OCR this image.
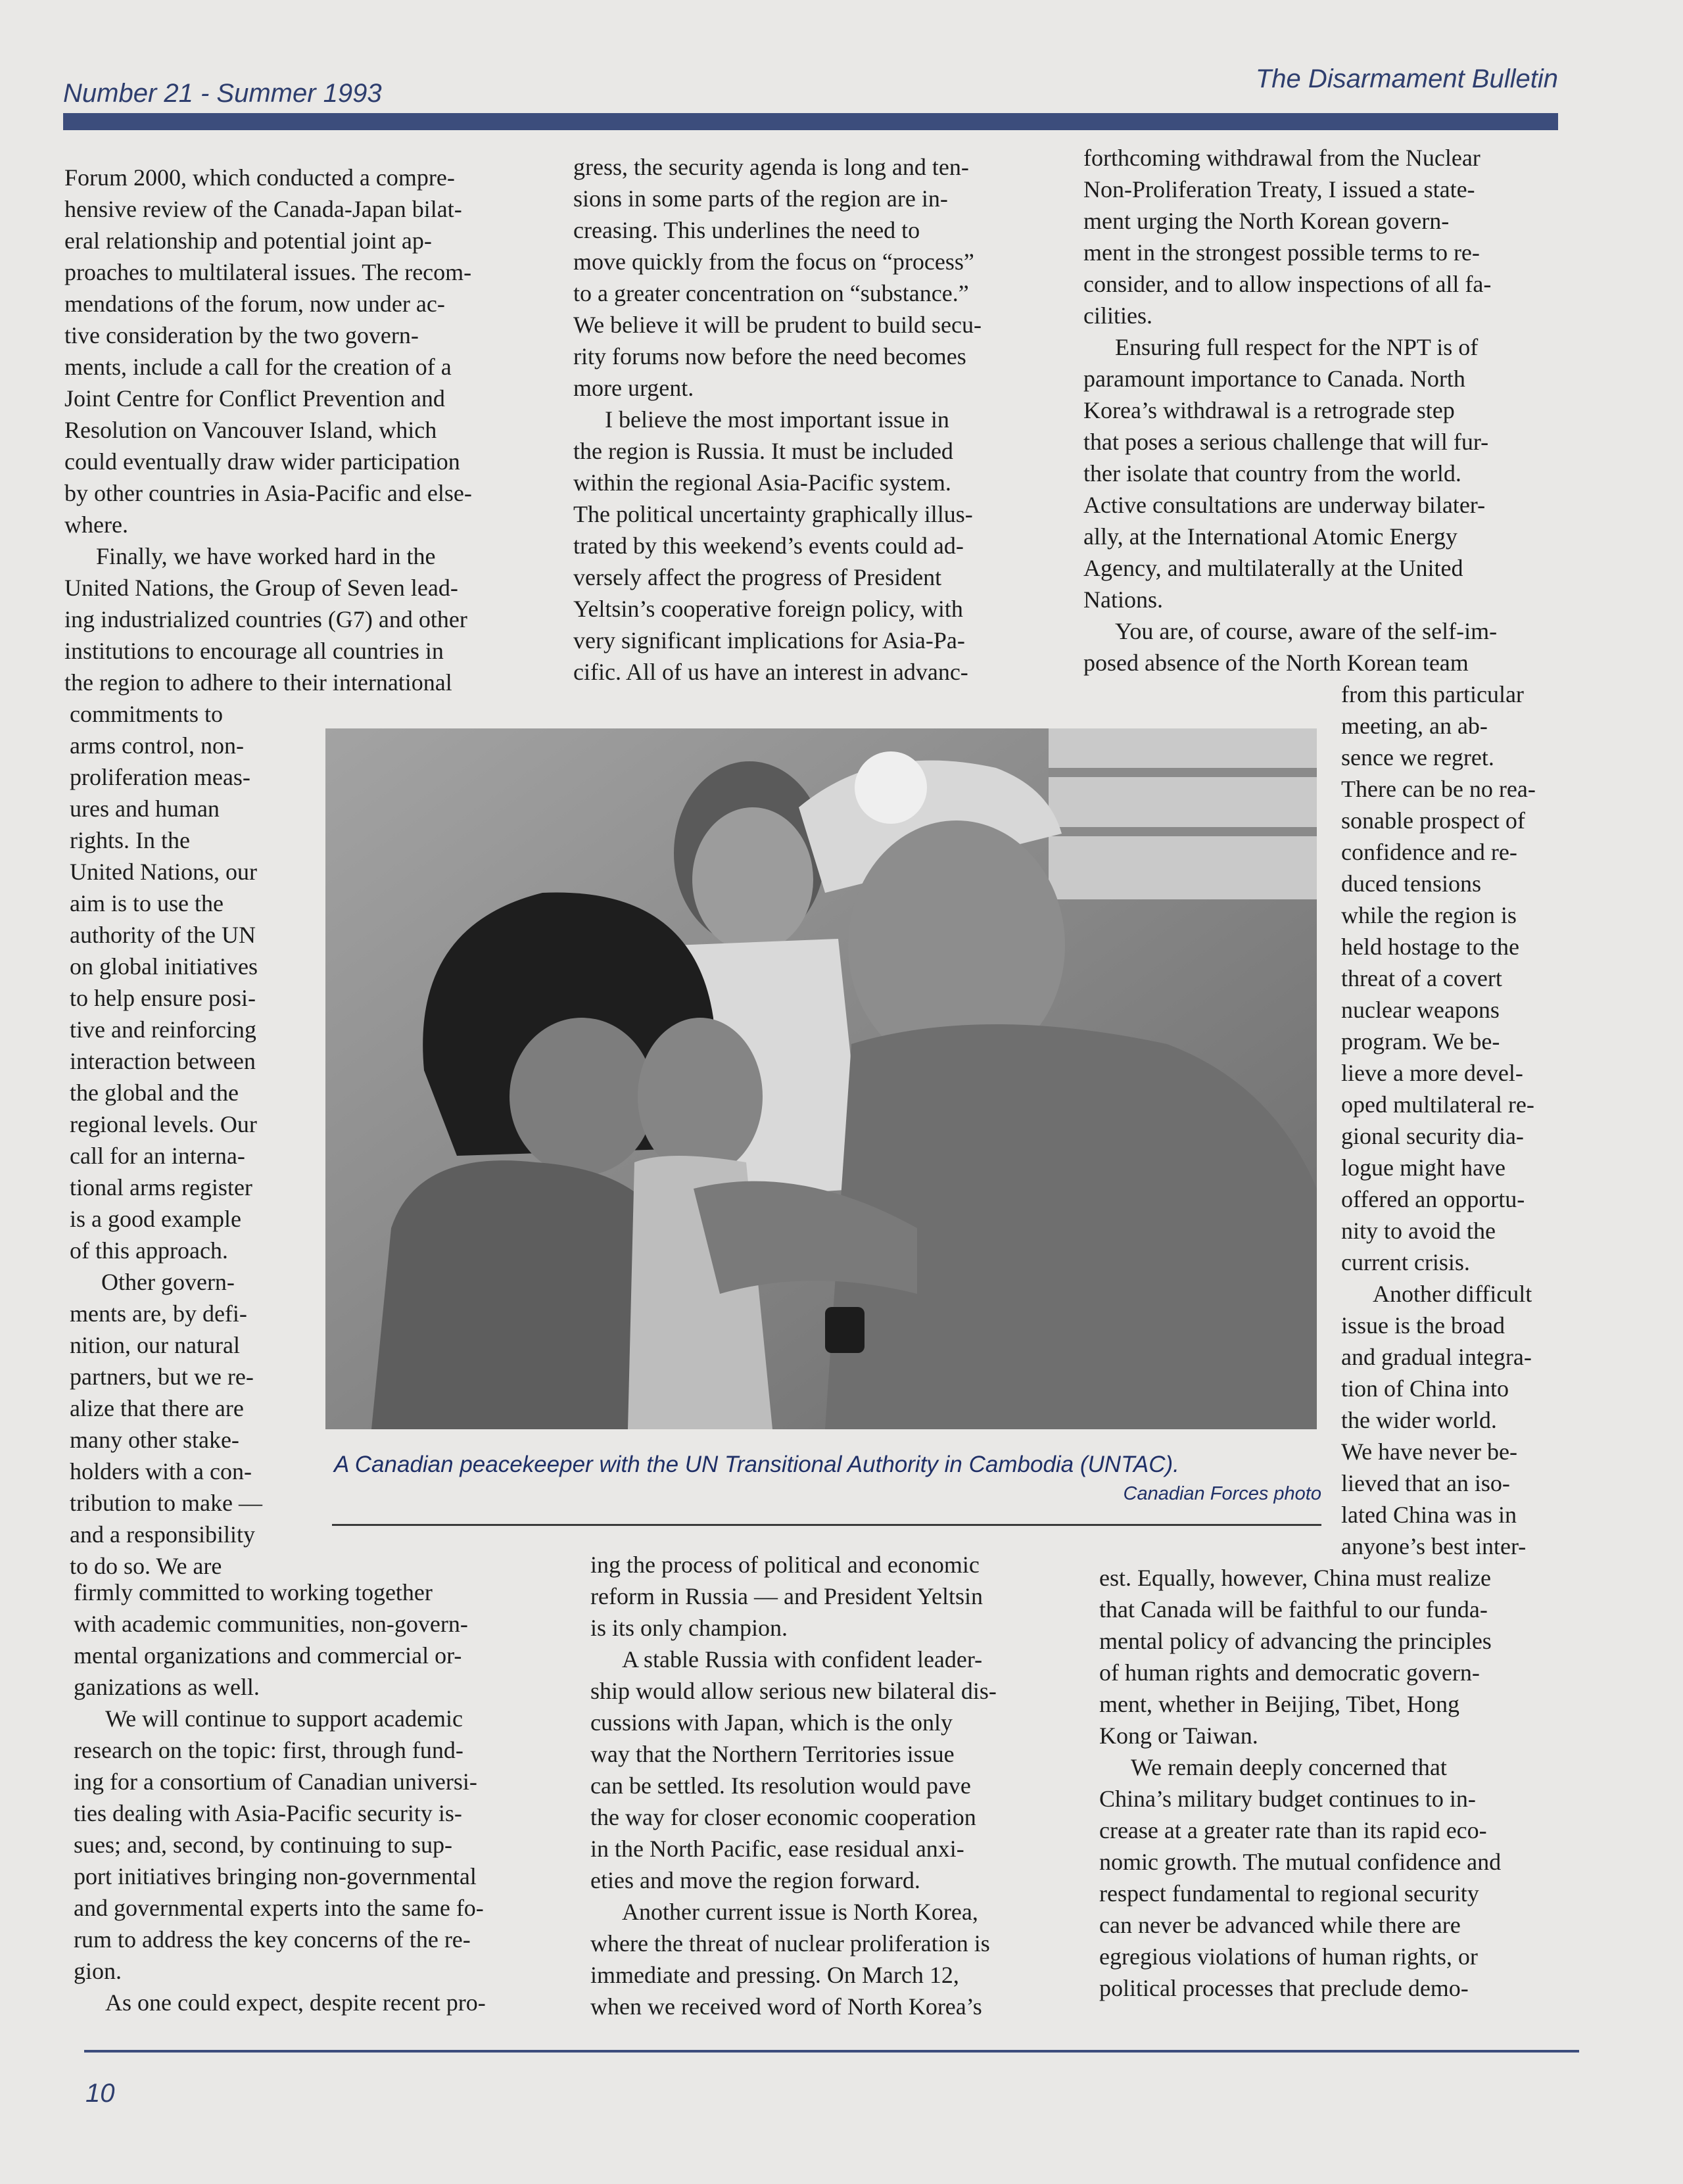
Number 21 - Summer 1993	The Disarmament Bulletin
Forum 2000, which conducted a compre-
hensive review of the Canada-Japan bilat-
eral relationship and potential joint ap-
proaches to multilateral issues. The recom-
mendations of the forum, now under ac-
tive consideration by the two govern-
ments, include a call for the creation of a
Joint Centre for Conflict Prevention and
Resolution on Vancouver Island, which
could eventually draw wider participation
by other countries in Asia-Pacific and else-
where.
Finally, we have worked hard in the
United Nations, the Group of Seven lead-
ing industrialized countries (G7) and other
institutions to encourage all countries in
the region to adhere to their international
commitments to
arms control, non-
proliferation meas-
ures and human
rights. In the
United Nations, our
aim is to use the
authority of the UN
on global initiatives
to help ensure posi-
tive and reinforcing
interaction between
the global and the
regional levels. Our
call for an interna-
tional arms register
is a good example
of this approach.
Other govern-
ments are, by defi-
nition, our natural
partners, but we re-
alize that there are
many other stake-
holders with a con-
tribution to make —
and a responsibility
to do so. We are
firmly committed to working together
with academic communities, non-govern-
mental organizations and commercial or-
ganizations as well.
We will continue to support academic
research on the topic: first, through fund-
ing for a consortium of Canadian universi-
ties dealing with Asia-Pacific security is-
sues; and, second, by continuing to sup-
port initiatives bringing non-governmental
and governmental experts into the same fo-
rum to address the key concerns of the re-
gion.
As one could expect, despite recent pro-
gress, the security agenda is long and ten-
sions in some parts of the region are in-
creasing. This underlines the need to
move quickly from the focus on “process”
to a greater concentration on “substance.”
We believe it will be prudent to build secu-
rity forums now before the need becomes
more urgent.
I believe the most important issue in
the region is Russia. It must be included
within the regional Asia-Pacific system.
The political uncertainty graphically illus-
trated by this weekend’s events could ad-
versely affect the progress of President
Yeltsin’s cooperative foreign policy, with
very significant implications for Asia-Pa-
cific. All of us have an interest in advanc-
ing the process of political and economic
reform in Russia — and President Yeltsin
is its only champion.
A stable Russia with confident leader-
ship would allow serious new bilateral dis-
cussions with Japan, which is the only
way that the Northern Territories issue
can be settled. Its resolution would pave
the way for closer economic cooperation
in the North Pacific, ease residual anxi-
eties and move the region forward.
Another current issue is North Korea,
where the threat of nuclear proliferation is
immediate and pressing. On March 12,
when we received word of North Korea’s
forthcoming withdrawal from the Nuclear
Non-Proliferation Treaty, I issued a state-
ment urging the North Korean govern-
ment in the strongest possible terms to re-
consider, and to allow inspections of all fa-
cilities.
Ensuring full respect for the NPT is of
paramount importance to Canada. North
Korea’s withdrawal is a retrograde step
that poses a serious challenge that will fur-
ther isolate that country from the world.
Active consultations are underway bilater-
ally, at the International Atomic Energy
Agency, and multilaterally at the United
Nations.
You are, of course, aware of the self-im-
posed absence of the North Korean team
from this particular
meeting, an ab-
sence we regret.
There can be no rea-
sonable prospect of
confidence and re-
duced tensions
while the region is
held hostage to the
threat of a covert
nuclear weapons
program. We be-
lieve a more devel-
oped multilateral re-
gional security dia-
logue might have
offered an opportu-
nity to avoid the
current crisis.
Another difficult
issue is the broad
and gradual integra-
tion of China into
the wider world.
We have never be-
lieved that an iso-
lated China was in
anyone’s best inter-
est. Equally, however, China must realize
that Canada will be faithful to our funda-
mental policy of advancing the principles
of human rights and democratic govern-
ment, whether in Beijing, Tibet, Hong
Kong or Taiwan.
We remain deeply concerned that
China’s military budget continues to in-
crease at a greater rate than its rapid eco-
nomic growth. The mutual confidence and
respect fundamental to regional security
can never be advanced while there are
egregious violations of human rights, or
political processes that preclude demo-
A Canadian peacekeeper with the UN Transitional Authority in Cambodia (UNTAC).
Canadian Forces photo
10
